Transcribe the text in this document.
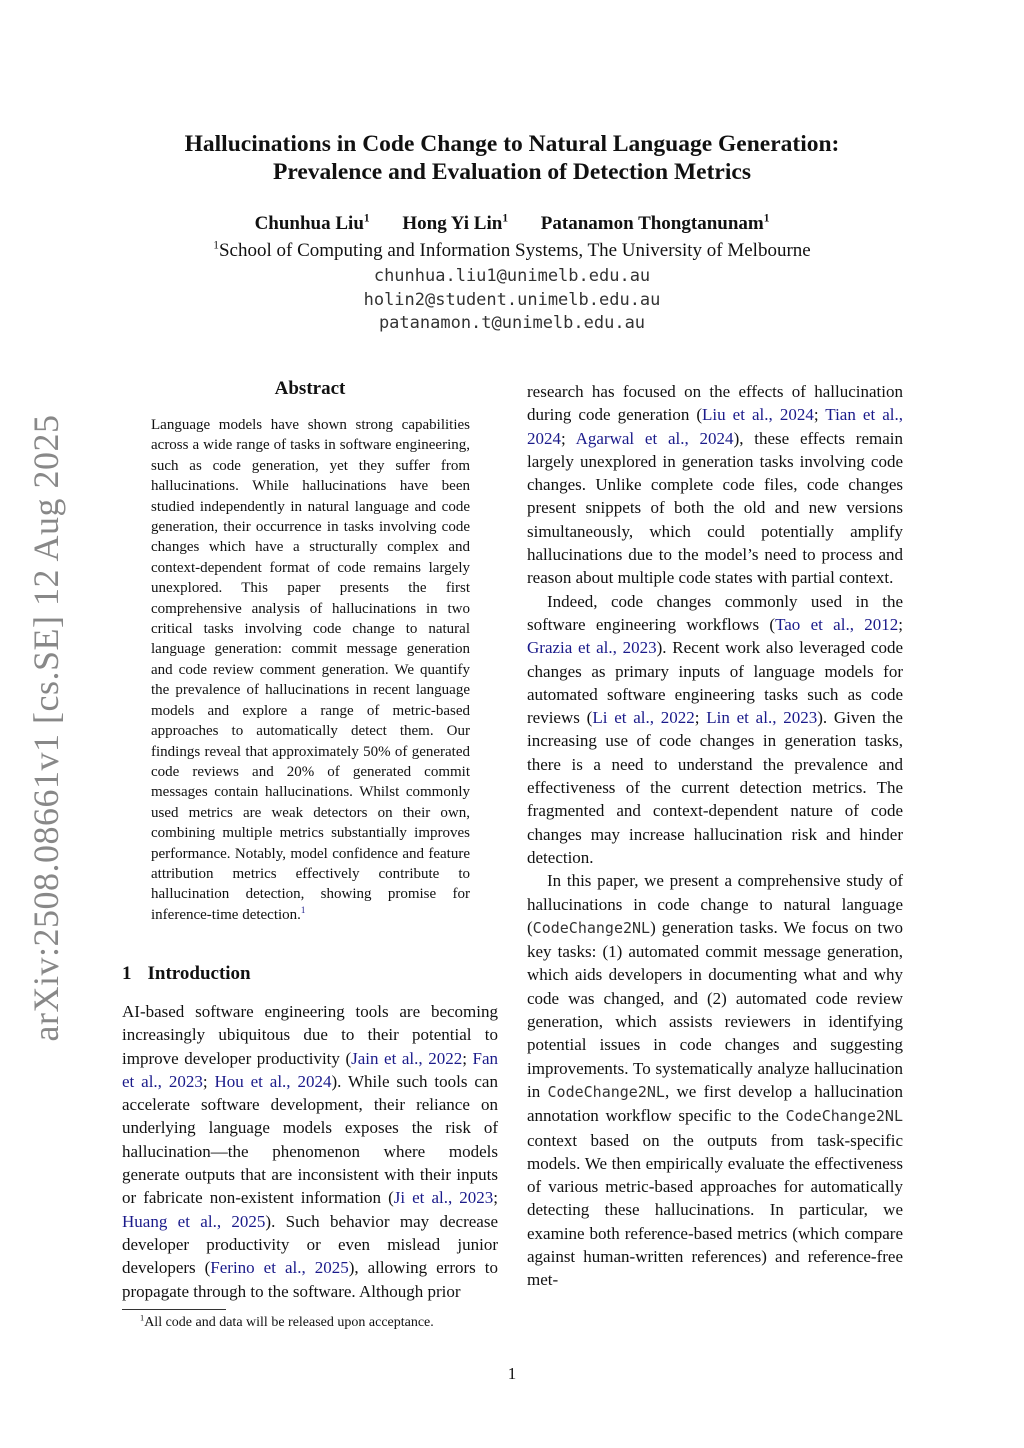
arXiv:2508.08661v1 [cs.SE] 12 Aug 2025
Hallucinations in Code Change to Natural Language Generation:
Prevalence and Evaluation of Detection Metrics
Chunhua Liu$^1$ Hong Yi Lin$^1$ Patanamon Thongtanunam$^1$
$^1$School of Computing and Information Systems, The University of Melbourne
chunhua.liu1@unimelb.edu.au
holin2@student.unimelb.edu.au
patanamon.t@unimelb.edu.au
Abstract
Language models have shown strong capabilities across a wide range of tasks in software engineering, such as code generation, yet they suffer from hallucinations. While hallucinations have been studied independently in natural language and code generation, their occurrence in tasks involving code changes which have a structurally complex and context-dependent format of code remains largely unexplored. This paper presents the first comprehensive analysis of hallucinations in two critical tasks involving code change to natural language generation: commit message generation and code review comment generation. We quantify the prevalence of hallucinations in recent language models and explore a range of metric-based approaches to automatically detect them. Our findings reveal that approximately 50% of generated code reviews and 20% of generated commit messages contain hallucinations. Whilst commonly used metrics are weak detectors on their own, combining multiple metrics substantially improves performance. Notably, model confidence and feature attribution metrics effectively contribute to hallucination detection, showing promise for inference-time detection.$^1$
1 Introduction
AI-based software engineering tools are becoming increasingly ubiquitous due to their potential to improve developer productivity (Jain et al., 2022; Fan et al., 2023; Hou et al., 2024). While such tools can accelerate software development, their reliance on underlying language models exposes the risk of hallucination—the phenomenon where models generate outputs that are inconsistent with their inputs or fabricate non-existent information (Ji et al., 2023; Huang et al., 2025). Such behavior may decrease developer productivity or even mislead junior developers (Ferino et al., 2025), allowing errors to propagate through to the software. Although prior

research has focused on the effects of hallucination during code generation (Liu et al., 2024; Tian et al., 2024; Agarwal et al., 2024), these effects remain largely unexplored in generation tasks involving code changes. Unlike complete code files, code changes present snippets of both the old and new versions simultaneously, which could potentially amplify hallucinations due to the model’s need to process and reason about multiple code states with partial context.

Indeed, code changes commonly used in the software engineering workflows (Tao et al., 2012; Grazia et al., 2023). Recent work also leveraged code changes as primary inputs of language models for automated software engineering tasks such as code reviews (Li et al., 2022; Lin et al., 2023). Given the increasing use of code changes in generation tasks, there is a need to understand the prevalence and effectiveness of the current detection metrics. The fragmented and context-dependent nature of code changes may increase hallucination risk and hinder detection.

In this paper, we present a comprehensive study of hallucinations in code change to natural language (CodeChange2NL) generation tasks. We focus on two key tasks: (1) automated commit message generation, which aids developers in documenting what and why code was changed, and (2) automated code review generation, which assists reviewers in identifying potential issues in code changes and suggesting improvements. To systematically analyze hallucination in CodeChange2NL, we first develop a hallucination annotation workflow specific to the CodeChange2NL context based on the outputs from task-specific models. We then empirically evaluate the effectiveness of various metric-based approaches for automatically detecting these hallucinations. In particular, we examine both reference-based metrics (which compare against human-written references) and reference-free met-

$^1$All code and data will be released upon acceptance.
1
